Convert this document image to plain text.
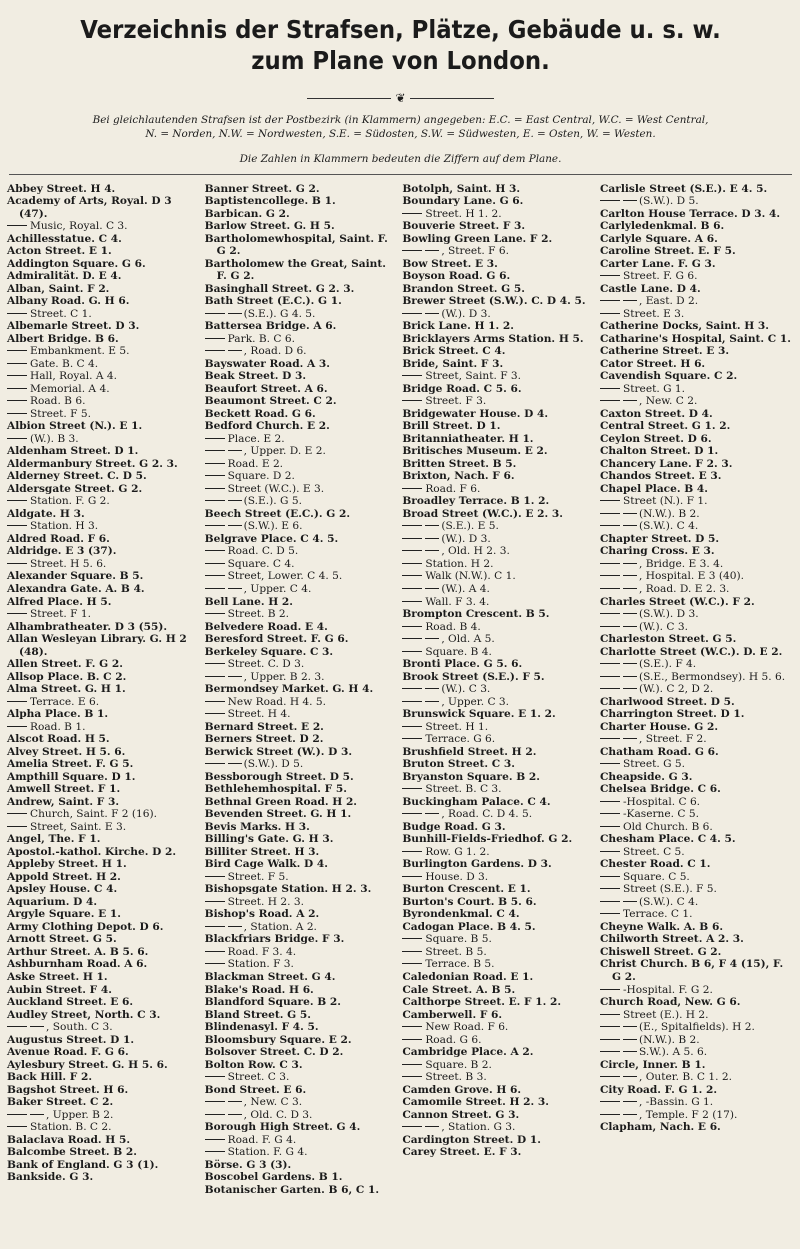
Verzeichnis der Strafsen, Plätze, Gebäude u. s. w.
zum Plane von London.
❦

Bei gleichlautenden Strafsen ist der Postbezirk (in Klammern) angegeben: E.C. = East Central, W.C. = West Central,

N. = Norden, N.W. = Nordwesten, S.E. = Südosten, S.W. = Südwesten, E. = Osten, W. = Westen.

Die Zahlen in Klammern bedeuten die Ziffern auf dem Plane.

Abbey Street. H 4.
Academy of Arts, Royal. D 3 (47).
Music, Royal. C 3.
Achillesstatue. C 4.
Acton Street. E 1.
Addington Square. G 6.
Admiralität. D. E 4.
Alban, Saint. F 2.
Albany Road. G. H 6.
Street. C 1.
Albemarle Street. D 3.
Albert Bridge. B 6.
Embankment. E 5.
Gate. B. C 4.
Hall, Royal. A 4.
Memorial. A 4.
Road. B 6.
Street. F 5.
Albion Street (N.). E 1.
(W.). B 3.
Aldenham Street. D 1.
Aldermanbury Street. G 2. 3.
Alderney Street. C. D 5.
Aldersgate Street. G 2.
Station. F. G 2.
Aldgate. H 3.
Station. H 3.
Aldred Road. F 6.
Aldridge. E 3 (37).
Street. H 5. 6.
Alexander Square. B 5.
Alexandra Gate. A. B 4.
Alfred Place. H 5.
Street. F 1.
Alhambratheater. D 3 (55).
Allan Wesleyan Library. G. H 2 (48).
Allen Street. F. G 2.
Allsop Place. B. C 2.
Alma Street. G. H 1.
Terrace. E 6.
Alpha Place. B 1.
Road. B 1.
Alscot Road. H 5.
Alvey Street. H 5. 6.
Amelia Street. F. G 5.
Ampthill Square. D 1.
Amwell Street. F 1.
Andrew, Saint. F 3.
Church, Saint. F 2 (16).
Street, Saint. E 3.
Angel, The. F 1.
Apostol.-kathol. Kirche. D 2.
Appleby Street. H 1.
Appold Street. H 2.
Apsley House. C 4.
Aquarium. D 4.
Argyle Square. E 1.
Army Clothing Depot. D 6.
Arnott Street. G 5.
Arthur Street. A. B 5. 6.
Ashburnham Road. A 6.
Aske Street. H 1.
Aubin Street. F 4.
Auckland Street. E 6.
Audley Street, North. C 3.
, South. C 3.
Augustus Street. D 1.
Avenue Road. F. G 6.
Aylesbury Street. G. H 5. 6.
Back Hill. F 2.
Bagshot Street. H 6.
Baker Street. C 2.
, Upper. B 2.
Station. B. C 2.
Balaclava Road. H 5.
Balcombe Street. B 2.
Bank of England. G 3 (1).
Bankside. G 3.
Banner Street. G 2.
Baptistencollege. B 1.
Barbican. G 2.
Barlow Street. G. H 5.
Bartholomewhospital, Saint. F. G 2.
Bartholomew the Great, Saint. F. G 2.
Basinghall Street. G 2. 3.
Bath Street (E.C.). G 1.
(S.E.). G 4. 5.
Battersea Bridge. A 6.
Park. B. C 6.
, Road. D 6.
Bayswater Road. A 3.
Beak Street. D 3.
Beaufort Street. A 6.
Beaumont Street. C 2.
Beckett Road. G 6.
Bedford Church. E 2.
Place. E 2.
, Upper. D. E 2.
Road. E 2.
Square. D 2.
Street (W.C.). E 3.
(S.E.). G 5.
Beech Street (E.C.). G 2.
(S.W.). E 6.
Belgrave Place. C 4. 5.
Road. C. D 5.
Square. C 4.
Street, Lower. C 4. 5.
, Upper. C 4.
Bell Lane. H 2.
Street. B 2.
Belvedere Road. E 4.
Beresford Street. F. G 6.
Berkeley Square. C 3.
Street. C. D 3.
, Upper. B 2. 3.
Bermondsey Market. G. H 4.
New Road. H 4. 5.
Street. H 4.
Bernard Street. E 2.
Berners Street. D 2.
Berwick Street (W.). D 3.
(S.W.). D 5.
Bessborough Street. D 5.
Bethlehemhospital. F 5.
Bethnal Green Road. H 2.
Bevenden Street. G. H 1.
Bevis Marks. H 3.
Billing's Gate. G. H 3.
Billiter Street. H 3.
Bird Cage Walk. D 4.
Street. F 5.
Bishopsgate Station. H 2. 3.
Street. H 2. 3.
Bishop's Road. A 2.
, Station. A 2.
Blackfriars Bridge. F 3.
Road. F 3. 4.
Station. F 3.
Blackman Street. G 4.
Blake's Road. H 6.
Blandford Square. B 2.
Bland Street. G 5.
Blindenasyl. F 4. 5.
Bloomsbury Square. E 2.
Bolsover Street. C. D 2.
Bolton Row. C 3.
Street. C 3.
Bond Street. E 6.
, New. C 3.
, Old. C. D 3.
Borough High Street. G 4.
Road. F. G 4.
Station. F. G 4.
Börse. G 3 (3).
Boscobel Gardens. B 1.
Botanischer Garten. B 6, C 1.
Botolph, Saint. H 3.
Boundary Lane. G 6.
Street. H 1. 2.
Bouverie Street. F 3.
Bowling Green Lane. F 2.
, Street. F 6.
Bow Street. E 3.
Boyson Road. G 6.
Brandon Street. G 5.
Brewer Street (S.W.). C. D 4. 5.
(W.). D 3.
Brick Lane. H 1. 2.
Bricklayers Arms Station. H 5.
Brick Street. C 4.
Bride, Saint. F 3.
Street, Saint. F 3.
Bridge Road. C 5. 6.
Street. F 3.
Bridgewater House. D 4.
Brill Street. D 1.
Britanniatheater. H 1.
Britisches Museum. E 2.
Britten Street. B 5.
Brixton, Nach. F 6.
Road. F 6.
Broadley Terrace. B 1. 2.
Broad Street (W.C.). E 2. 3.
(S.E.). E 5.
(W.). D 3.
, Old. H 2. 3.
Station. H 2.
Walk (N.W.). C 1.
(W.). A 4.
Wall. F 3. 4.
Brompton Crescent. B 5.
Road. B 4.
, Old. A 5.
Square. B 4.
Bronti Place. G 5. 6.
Brook Street (S.E.). F 5.
(W.). C 3.
, Upper. C 3.
Brunswick Square. E 1. 2.
Street. H 1.
Terrace. G 6.
Brushfield Street. H 2.
Bruton Street. C 3.
Bryanston Square. B 2.
Street. B. C 3.
Buckingham Palace. C 4.
, Road. C. D 4. 5.
Budge Road. G 3.
Bunhill-Fields-Friedhof. G 2.
Row. G 1. 2.
Burlington Gardens. D 3.
House. D 3.
Burton Crescent. E 1.
Burton's Court. B 5. 6.
Byrondenkmal. C 4.
Cadogan Place. B 4. 5.
Square. B 5.
Street. B 5.
Terrace. B 5.
Caledonian Road. E 1.
Cale Street. A. B 5.
Calthorpe Street. E. F 1. 2.
Camberwell. F 6.
New Road. F 6.
Road. G 6.
Cambridge Place. A 2.
Square. B 2.
Street. B 3.
Camden Grove. H 6.
Camomile Street. H 2. 3.
Cannon Street. G 3.
, Station. G 3.
Cardington Street. D 1.
Carey Street. E. F 3.
Carlisle Street (S.E.). E 4. 5.
(S.W.). D 5.
Carlton House Terrace. D 3. 4.
Carlyledenkmal. B 6.
Carlyle Square. A 6.
Caroline Street. E. F 5.
Carter Lane. F. G 3.
Street. F. G 6.
Castle Lane. D 4.
, East. D 2.
Street. E 3.
Catherine Docks, Saint. H 3.
Catharine's Hospital, Saint. C 1.
Catherine Street. E 3.
Cator Street. H 6.
Cavendish Square. C 2.
Street. G 1.
, New. C 2.
Caxton Street. D 4.
Central Street. G 1. 2.
Ceylon Street. D 6.
Chalton Street. D 1.
Chancery Lane. F 2. 3.
Chandos Street. E 3.
Chapel Place. B 4.
Street (N.). F 1.
(N.W.). B 2.
(S.W.). C 4.
Chapter Street. D 5.
Charing Cross. E 3.
, Bridge. E 3. 4.
, Hospital. E 3 (40).
, Road. D. E 2. 3.
Charles Street (W.C.). F 2.
(S.W.). D 3.
(W.). C 3.
Charleston Street. G 5.
Charlotte Street (W.C.). D. E 2.
(S.E.). F 4.
(S.E., Bermondsey). H 5. 6.
(W.). C 2, D 2.
Charlwood Street. D 5.
Charrington Street. D 1.
Charter House. G 2.
, Street. F 2.
Chatham Road. G 6.
Street. G 5.
Cheapside. G 3.
Chelsea Bridge. C 6.
-Hospital. C 6.
-Kaserne. C 5.
Old Church. B 6.
Chesham Place. C 4. 5.
Street. C 5.
Chester Road. C 1.
Square. C 5.
Street (S.E.). F 5.
(S.W.). C 4.
Terrace. C 1.
Cheyne Walk. A. B 6.
Chilworth Street. A 2. 3.
Chiswell Street. G 2.
Christ Church. B 6, F 4 (15), F. G 2.
-Hospital. F. G 2.
Church Road, New. G 6.
Street (E.). H 2.
(E., Spitalfields). H 2.
(N.W.). B 2.
S.W.). A 5. 6.
Circle, Inner. B 1.
, Outer. B. C 1. 2.
City Road. F. G 1. 2.
, -Bassin. G 1.
, Temple. F 2 (17).
Clapham, Nach. E 6.
